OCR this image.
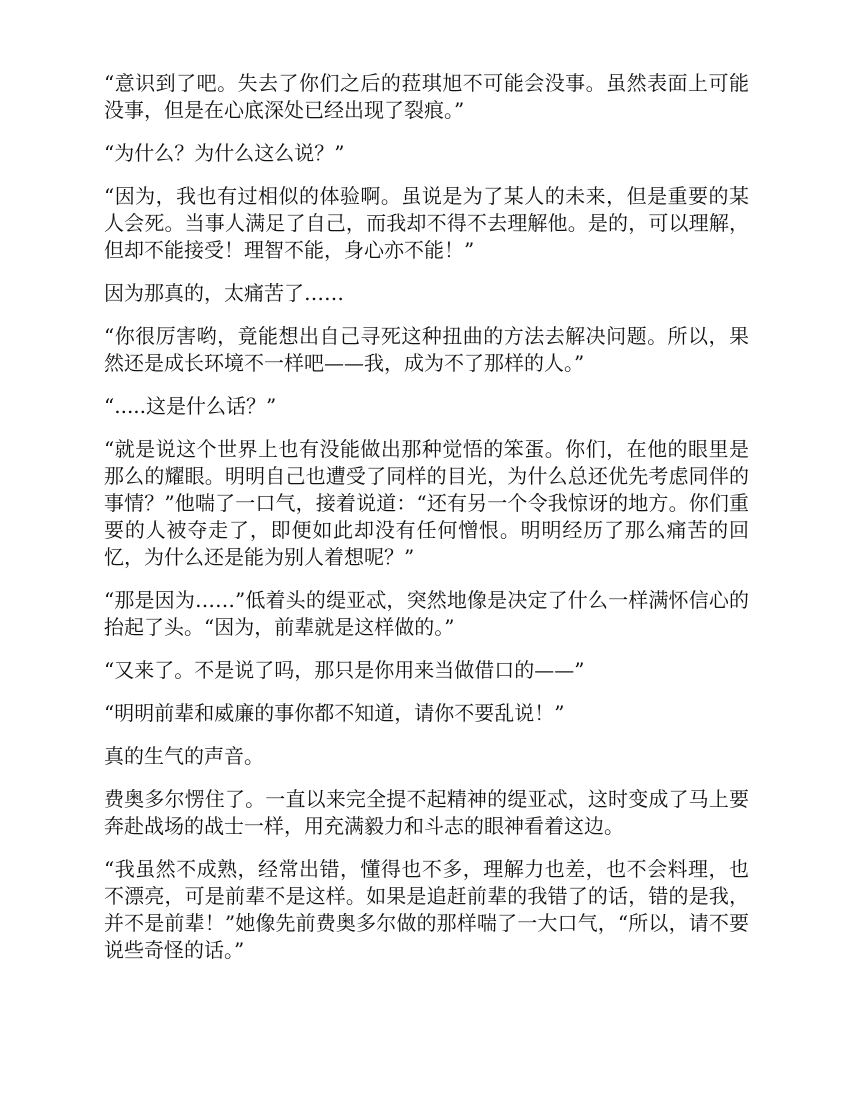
“意识到了吧。失去了你们之后的菈琪旭不可能会没事。虽然表面上可能没事，但是在心底深处已经出现了裂痕。”

“为什么？为什么这么说？”

“因为，我也有过相似的体验啊。虽说是为了某人的未来，但是重要的某人会死。当事人满足了自己，而我却不得不去理解他。是的，可以理解，但却不能接受！理智不能，身心亦不能！”

因为那真的，太痛苦了……

“你很厉害哟，竟能想出自己寻死这种扭曲的方法去解决问题。所以，果然还是成长环境不一样吧——我，成为不了那样的人。”

“.....这是什么话？”

“就是说这个世界上也有没能做出那种觉悟的笨蛋。你们，在他的眼里是那么的耀眼。明明自己也遭受了同样的目光，为什么总还优先考虑同伴的事情？”他喘了一口气，接着说道：“还有另一个令我惊讶的地方。你们重要的人被夺走了，即便如此却没有任何憎恨。明明经历了那么痛苦的回忆，为什么还是能为别人着想呢？”

“那是因为……”低着头的缇亚忒，突然地像是决定了什么一样满怀信心的抬起了头。“因为，前辈就是这样做的。”

“又来了。不是说了吗，那只是你用来当做借口的——”

“明明前辈和威廉的事你都不知道，请你不要乱说！”

真的生气的声音。

费奥多尔愣住了。一直以来完全提不起精神的缇亚忒，这时变成了马上要奔赴战场的战士一样，用充满毅力和斗志的眼神看着这边。

“我虽然不成熟，经常出错，懂得也不多，理解力也差，也不会料理，也不漂亮，可是前辈不是这样。如果是追赶前辈的我错了的话，错的是我，并不是前辈！”她像先前费奥多尔做的那样喘了一大口气，“所以，请不要说些奇怪的话。”
